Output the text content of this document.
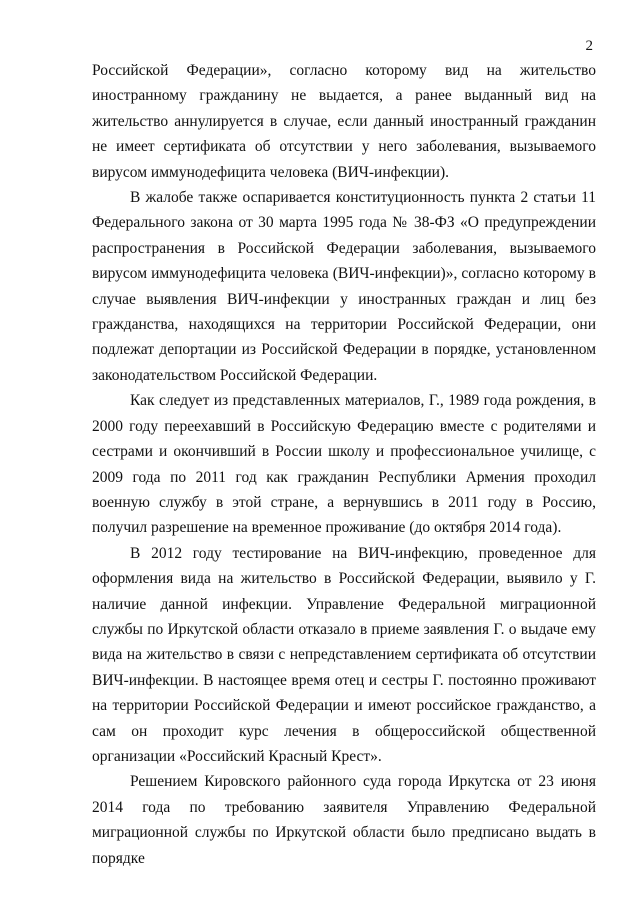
2

Российской Федерации», согласно которому вид на жительство иностранному гражданину не выдается, а ранее выданный вид на жительство аннулируется в случае, если данный иностранный гражданин не имеет сертификата об отсутствии у него заболевания, вызываемого вирусом иммунодефицита человека (ВИЧ-инфекции).

В жалобе также оспаривается конституционность пункта 2 статьи 11 Федерального закона от 30 марта 1995 года № 38-ФЗ «О предупреждении распространения в Российской Федерации заболевания, вызываемого вирусом иммунодефицита человека (ВИЧ-инфекции)», согласно которому в случае выявления ВИЧ-инфекции у иностранных граждан и лиц без гражданства, находящихся на территории Российской Федерации, они подлежат депортации из Российской Федерации в порядке, установленном законодательством Российской Федерации.

Как следует из представленных материалов, Г., 1989 года рождения, в 2000 году переехавший в Российскую Федерацию вместе с родителями и сестрами и окончивший в России школу и профессиональное училище, с 2009 года по 2011 год как гражданин Республики Армения проходил военную службу в этой стране, а вернувшись в 2011 году в Россию, получил разрешение на временное проживание (до октября 2014 года).

В 2012 году тестирование на ВИЧ-инфекцию, проведенное для оформления вида на жительство в Российской Федерации, выявило у Г. наличие данной инфекции. Управление Федеральной миграционной службы по Иркутской области отказало в приеме заявления Г. о выдаче ему вида на жительство в связи с непредставлением сертификата об отсутствии ВИЧ-инфекции. В настоящее время отец и сестры Г. постоянно проживают на территории Российской Федерации и имеют российское гражданство, а сам он проходит курс лечения в общероссийской общественной организации «Российский Красный Крест».

Решением Кировского районного суда города Иркутска от 23 июня 2014 года по требованию заявителя Управлению Федеральной миграционной службы по Иркутской области было предписано выдать в порядке
